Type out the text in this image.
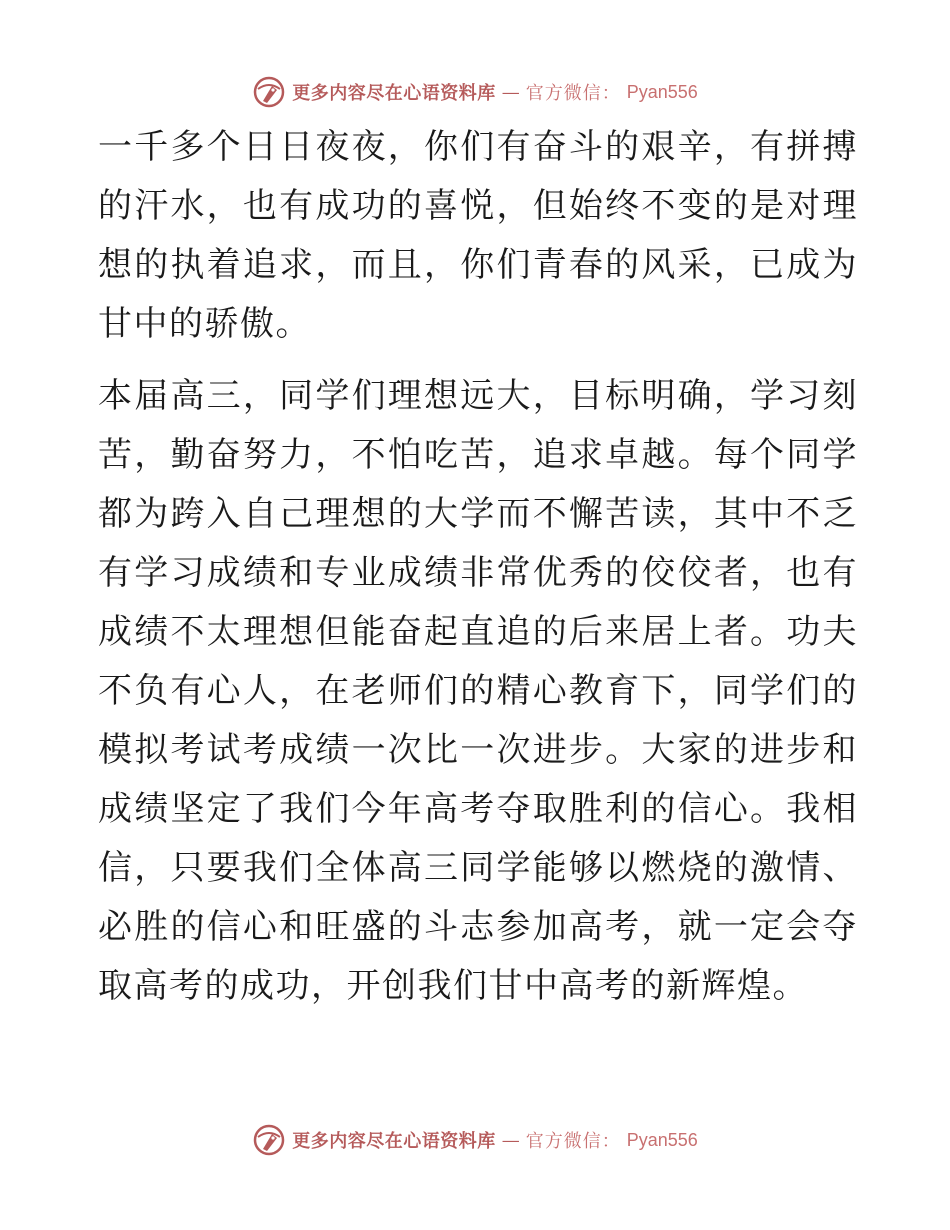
更多内容尽在心语资料库 — 官方微信： Pyan556

一千多个日日夜夜，你们有奋斗的艰辛，有拼搏的汗水，也有成功的喜悦，但始终不变的是对理想的执着追求，而且，你们青春的风采，已成为甘中的骄傲。

本届高三，同学们理想远大，目标明确，学习刻苦，勤奋努力，不怕吃苦，追求卓越。每个同学都为跨入自己理想的大学而不懈苦读，其中不乏有学习成绩和专业成绩非常优秀的佼佼者，也有成绩不太理想但能奋起直追的后来居上者。功夫不负有心人，在老师们的精心教育下，同学们的模拟考试考成绩一次比一次进步。大家的进步和成绩坚定了我们今年高考夺取胜利的信心。我相信，只要我们全体高三同学能够以燃烧的激情、必胜的信心和旺盛的斗志参加高考，就一定会夺取高考的成功，开创我们甘中高考的新辉煌。

更多内容尽在心语资料库 — 官方微信： Pyan556
